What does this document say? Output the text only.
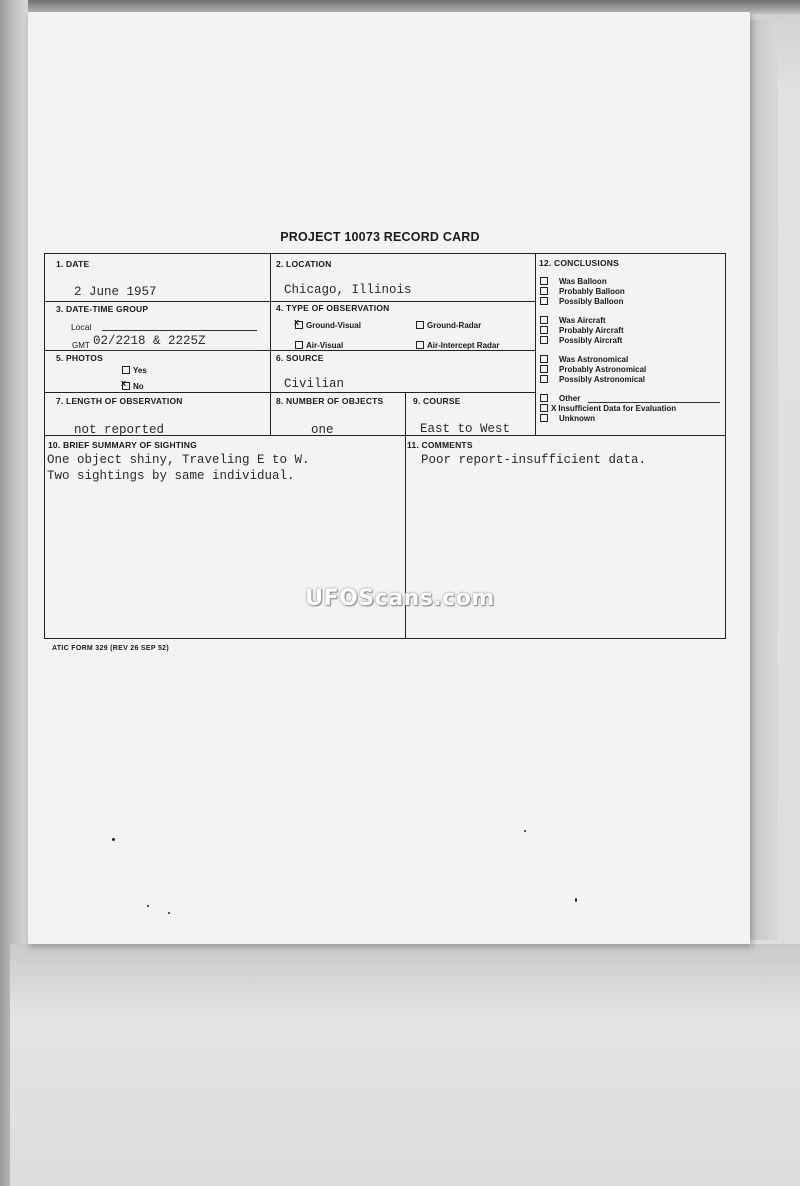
PROJECT 10073 RECORD CARD
1. DATE
2 June 1957
2. LOCATION
Chicago, Illinois
3. DATE-TIME GROUP
Local
GMT 02/2218 & 2225Z
4. TYPE OF OBSERVATION
x Ground-Visual	Ground-Radar
Air-Visual	Air-Intercept Radar
5. PHOTOS
Yes
x No
6. SOURCE
Civilian
7. LENGTH OF OBSERVATION
not reported
8. NUMBER OF OBJECTS
one
9. COURSE
East to West
10. BRIEF SUMMARY OF SIGHTING
One object shiny, Traveling E to W.
Two sightings by same individual.
11. COMMENTS
Poor report-insufficient data.
12. CONCLUSIONS
Was Balloon
Probably Balloon
Possibly Balloon
Was Aircraft
Probably Aircraft
Possibly Aircraft
Was Astronomical
Probably Astronomical
Possibly Astronomical
Other
X Insufficient Data for Evaluation
Unknown
UFOScans.com
ATIC FORM 329 (REV 26 SEP 52)
